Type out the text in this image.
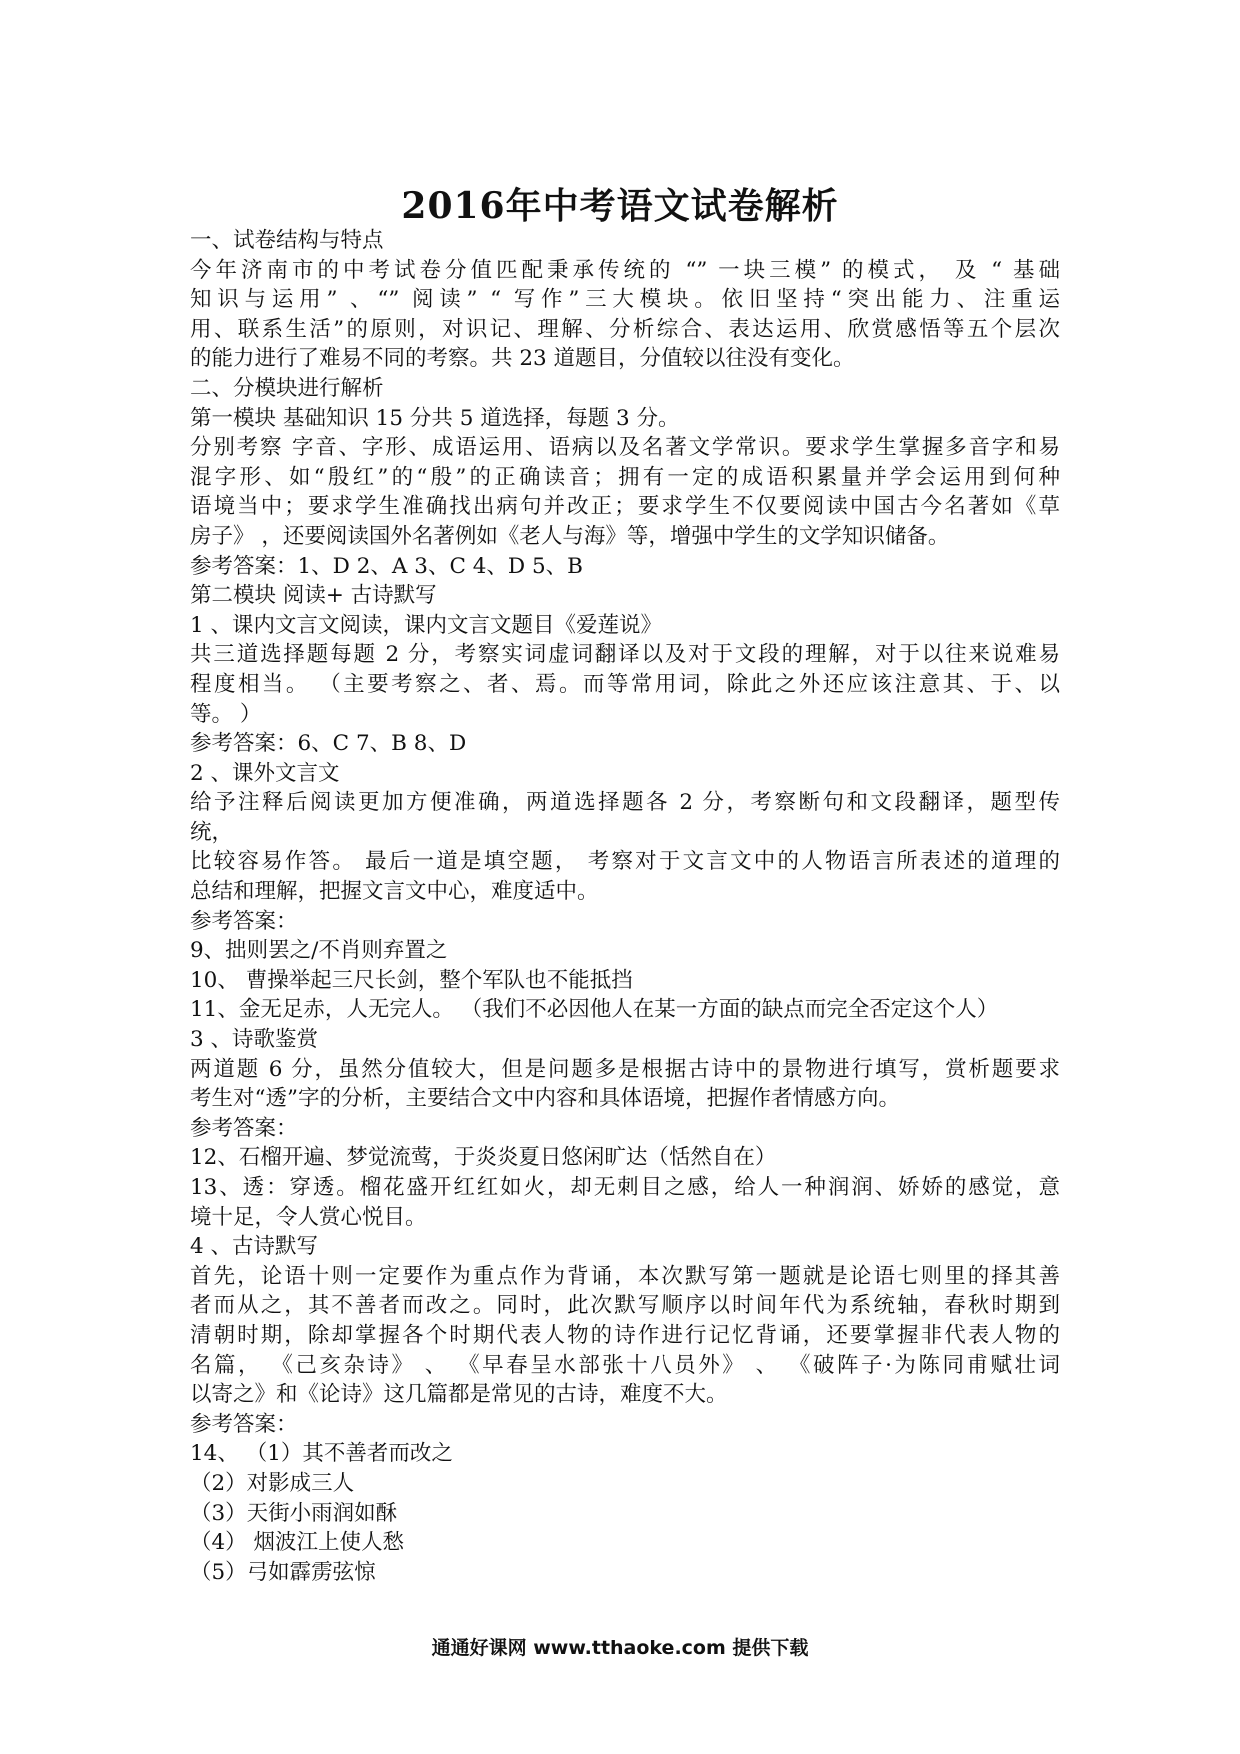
2016年中考语文试卷解析
一、试卷结构与特点
今年济南市的中考试卷分值匹配秉承传统的 “” 一块三模” 的模式， 及 “ 基础
知识与运用” 、“” 阅读” “ 写作”三大模块。依旧坚持“突出能力、注重运
用、联系生活”的原则，对识记、理解、分析综合、表达运用、欣赏感悟等五个层次
的能力进行了难易不同的考察。共 23 道题目，分值较以往没有变化。
二、分模块进行解析
第一模块 基础知识 15 分共 5 道选择，每题 3 分。
分别考察 字音、字形、成语运用、语病以及名著文学常识。要求学生掌握多音字和易
混字形、如“殷红”的“殷”的正确读音；拥有一定的成语积累量并学会运用到何种
语境当中；要求学生准确找出病句并改正；要求学生不仅要阅读中国古今名著如《草
房子》 ，还要阅读国外名著例如《老人与海》等，增强中学生的文学知识储备。
参考答案：1、D 2、A 3、C 4、D 5、B
第二模块 阅读+ 古诗默写
1 、课内文言文阅读，课内文言文题目《爱莲说》
共三道选择题每题 2 分，考察实词虚词翻译以及对于文段的理解，对于以往来说难易
程度相当。 （主要考察之、者、焉。而等常用词，除此之外还应该注意其、于、以
等。 ）
参考答案：6、C 7、B 8、D
2 、课外文言文
给予注释后阅读更加方便准确，两道选择题各 2 分，考察断句和文段翻译，题型传
统，
比较容易作答。 最后一道是填空题， 考察对于文言文中的人物语言所表述的道理的
总结和理解，把握文言文中心，难度适中。
参考答案：
9、拙则罢之/不肖则弃置之
10、 曹操举起三尺长剑，整个军队也不能抵挡
11、金无足赤，人无完人。 （我们不必因他人在某一方面的缺点而完全否定这个人）
3 、诗歌鉴赏
两道题 6 分，虽然分值较大，但是问题多是根据古诗中的景物进行填写，赏析题要求
考生对“透”字的分析，主要结合文中内容和具体语境，把握作者情感方向。
参考答案：
12、石榴开遍、梦觉流莺，于炎炎夏日悠闲旷达（恬然自在）
13、透：穿透。榴花盛开红红如火，却无刺目之感，给人一种润润、娇娇的感觉，意
境十足，令人赏心悦目。
4 、古诗默写
首先，论语十则一定要作为重点作为背诵，本次默写第一题就是论语七则里的择其善
者而从之，其不善者而改之。同时，此次默写顺序以时间年代为系统轴，春秋时期到
清朝时期，除却掌握各个时期代表人物的诗作进行记忆背诵，还要掌握非代表人物的
名篇， 《己亥杂诗》 、 《早春呈水部张十八员外》 、 《破阵子·为陈同甫赋壮词
以寄之》和《论诗》这几篇都是常见的古诗，难度不大。
参考答案：
14、 （1）其不善者而改之
（2）对影成三人
（3）天街小雨润如酥
（4） 烟波江上使人愁
（5）弓如霹雳弦惊
通通好课网 www.tthaoke.com 提供下载
